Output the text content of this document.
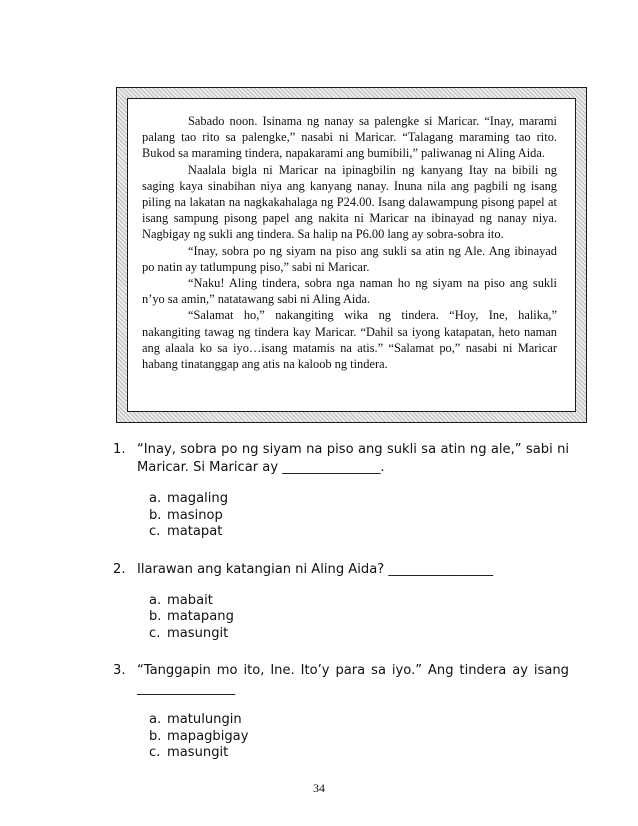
Sabado noon. Isinama ng nanay sa palengke si Maricar. “Inay, marami palang tao rito sa palengke,” nasabi ni Maricar. “Talagang maraming tao rito. Bukod sa maraming tindera, napakarami ang bumibili,” paliwanag ni Aling Aida.

Naalala bigla ni Maricar na ipinagbilin ng kanyang Itay na bibili ng saging kaya sinabihan niya ang kanyang nanay. Inuna nila ang pagbili ng isang piling na lakatan na nagkakahalaga ng P24.00. Isang dalawampung pisong papel at isang sampung pisong papel ang nakita ni Maricar na ibinayad ng nanay niya. Nagbigay ng sukli ang tindera. Sa halip na P6.00 lang ay sobra-sobra ito.

“Inay, sobra po ng siyam na piso ang sukli sa atin ng Ale. Ang ibinayad po natin ay tatlumpung piso,” sabi ni Maricar.

“Naku! Aling tindera, sobra nga naman ho ng siyam na piso ang sukli n’yo sa amin,” natatawang sabi ni Aling Aida.

“Salamat ho,” nakangiting wika ng tindera. “Hoy, Ine, halika,” nakangiting tawag ng tindera kay Maricar. “Dahil sa iyong katapatan, heto naman ang alaala ko sa iyo…isang matamis na atis.” “Salamat po,” nasabi ni Maricar habang tinatanggap ang atis na kaloob ng tindera.

1. “Inay, sobra po ng siyam na piso ang sukli sa atin ng ale,” sabi ni Maricar. Si Maricar ay _______________.
a. magaling
b. masinop
c. matapat
2. Ilarawan ang katangian ni Aling Aida? ________________
a. mabait
b. matapang
c. masungit
3. “Tanggapin mo ito, Ine. Ito’y para sa iyo.” Ang tindera ay isang _______________
a. matulungin
b. mapagbigay
c. masungit
34
